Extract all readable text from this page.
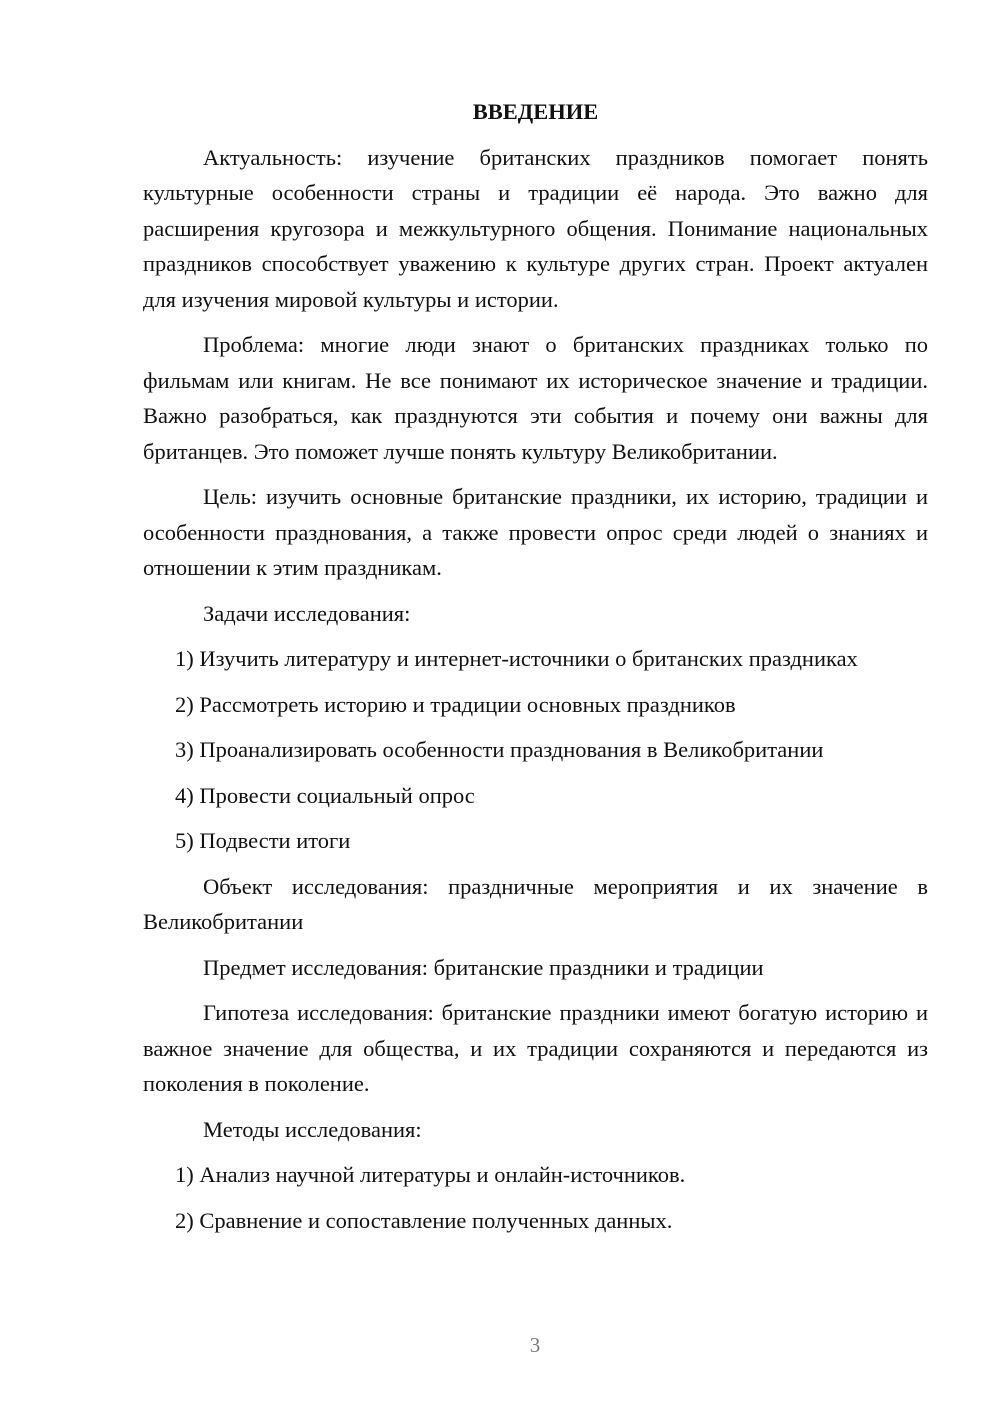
ВВЕДЕНИЕ

Актуальность: изучение британских праздников помогает понять культурные особенности страны и традиции её народа. Это важно для расширения кругозора и межкультурного общения. Понимание национальных праздников способствует уважению к культуре других стран. Проект актуален для изучения мировой культуры и истории.

Проблема: многие люди знают о британских праздниках только по фильмам или книгам. Не все понимают их историческое значение и традиции. Важно разобраться, как празднуются эти события и почему они важны для британцев. Это поможет лучше понять культуру Великобритании.

Цель: изучить основные британские праздники, их историю, традиции и особенности празднования, а также провести опрос среди людей о знаниях и отношении к этим праздникам.

Задачи исследования:

1) Изучить литературу и интернет-источники о британских праздниках

2) Рассмотреть историю и традиции основных праздников

3) Проанализировать особенности празднования в Великобритании

4) Провести социальный опрос

5) Подвести итоги

Объект исследования: праздничные мероприятия и их значение в Великобритании

Предмет исследования: британские праздники и традиции

Гипотеза исследования: британские праздники имеют богатую историю и важное значение для общества, и их традиции сохраняются и передаются из поколения в поколение.

Методы исследования:

1) Анализ научной литературы и онлайн-источников.

2) Сравнение и сопоставление полученных данных.

3
